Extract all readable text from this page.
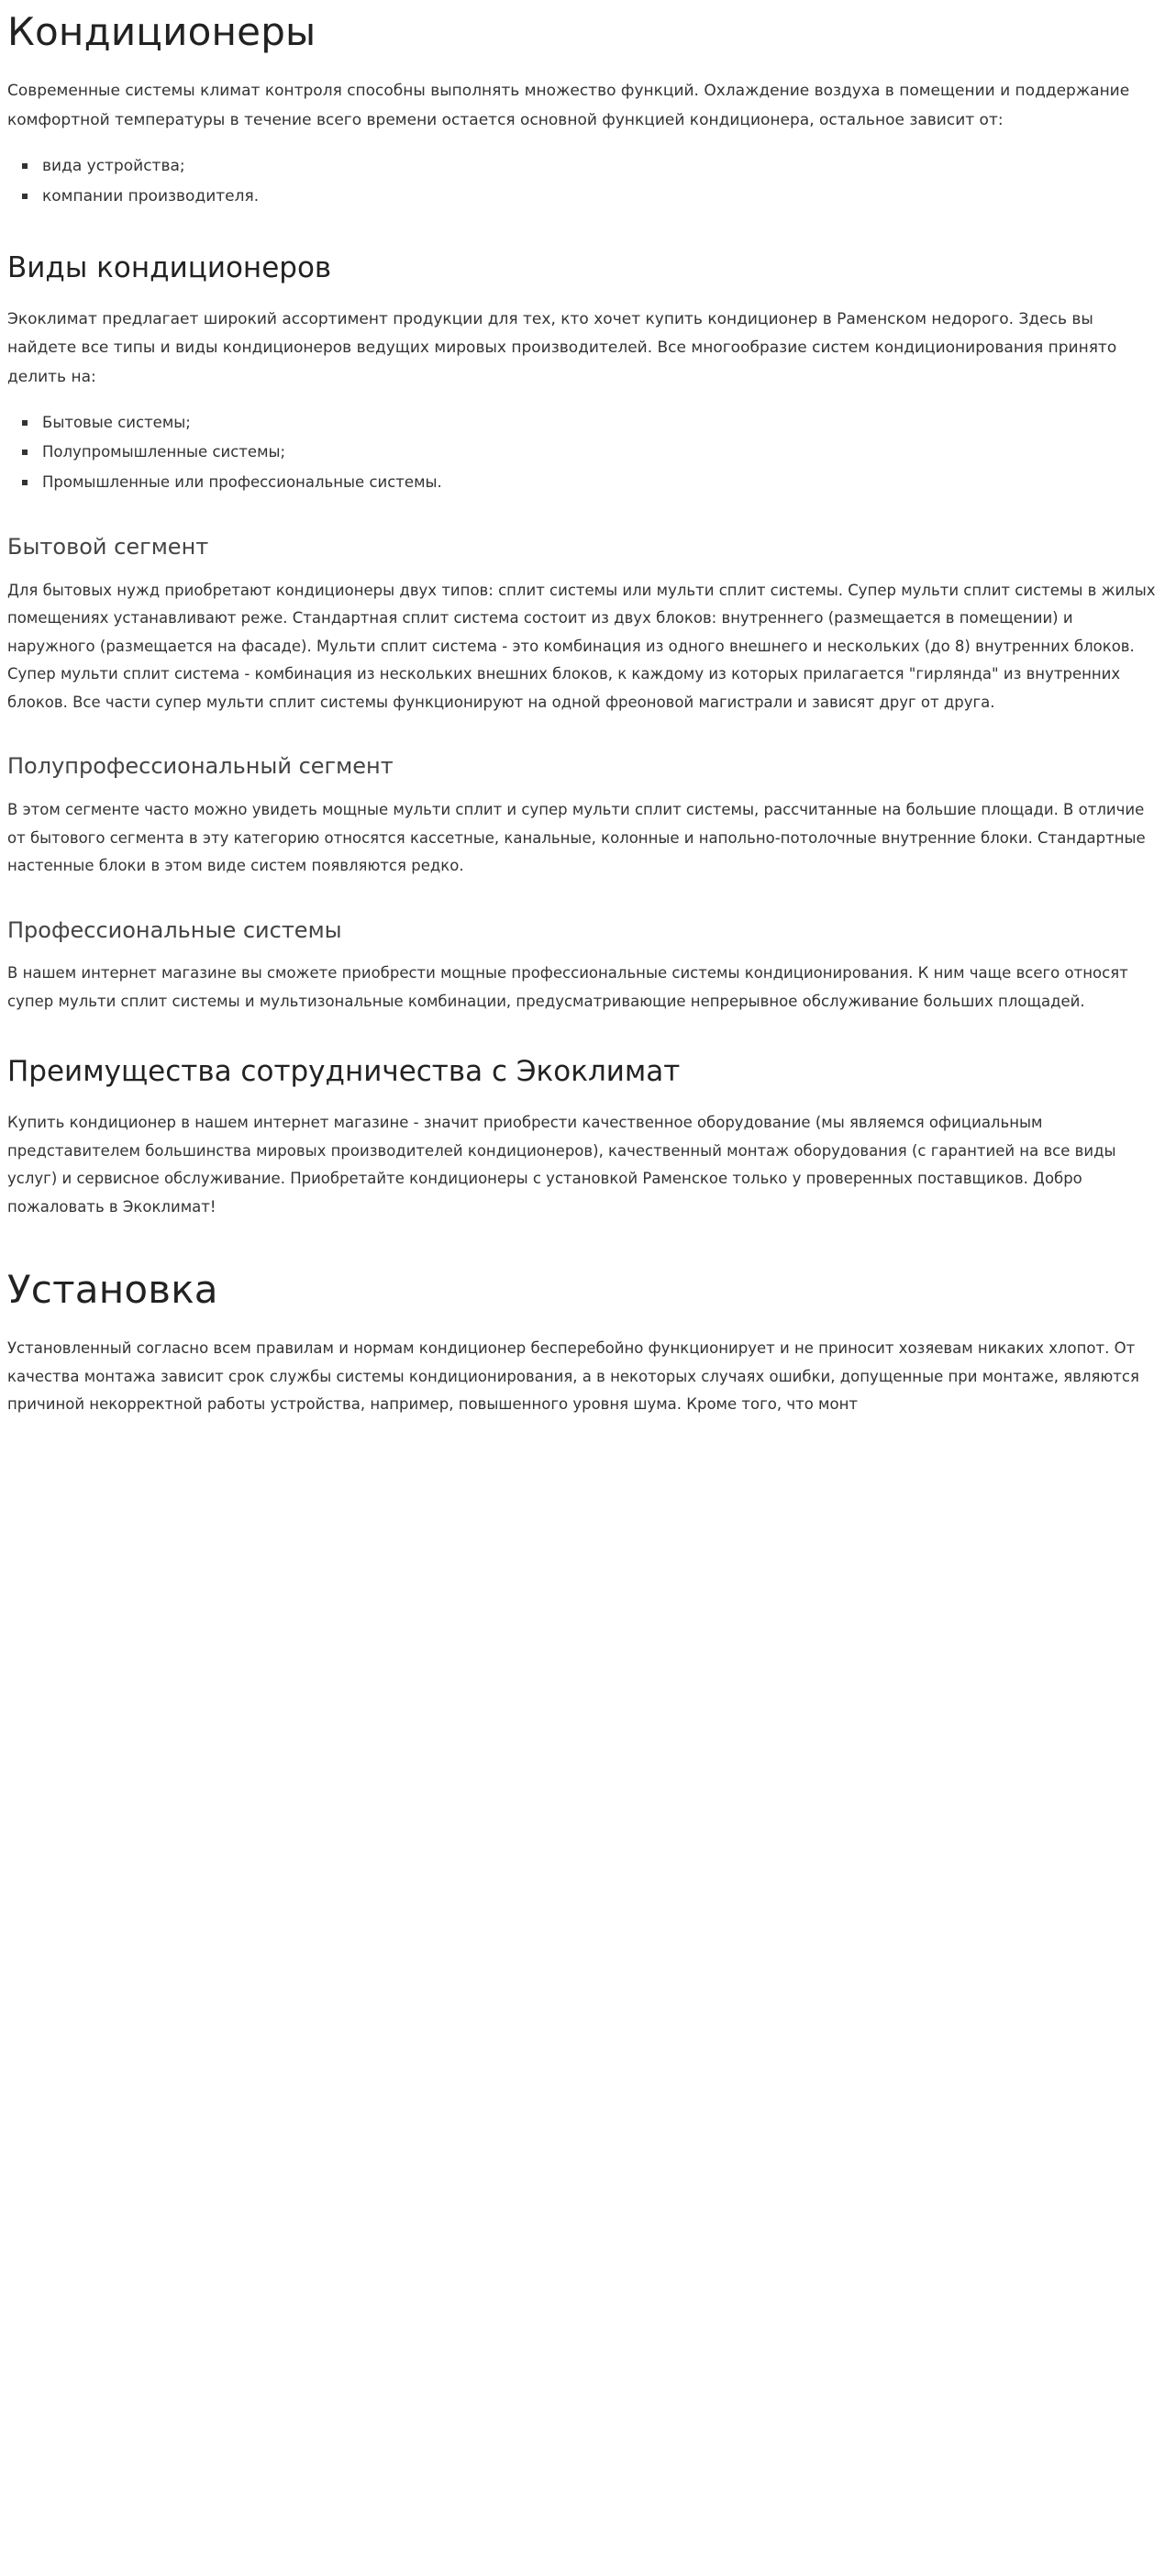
Кондиционеры

Современные системы климат контроля способны выполнять множество функций. Охлаждение воздуха в помещении и поддержание комфортной температуры в течение всего времени остается основной функцией кондиционера, остальное зависит от:

вида устройства;
компании производителя.
Виды кондиционеров

Экоклимат предлагает широкий ассортимент продукции для тех, кто хочет купить кондиционер в Раменском недорого. Здесь вы найдете все типы и виды кондиционеров ведущих мировых производителей. Все многообразие систем кондиционирования принято делить на:

Бытовые системы;
Полупромышленные системы;
Промышленные или профессиональные системы.
Бытовой сегмент

Для бытовых нужд приобретают кондиционеры двух типов: сплит системы или мульти сплит системы. Супер мульти сплит системы в жилых помещениях устанавливают реже. Стандартная сплит система состоит из двух блоков: внутреннего (размещается в помещении) и наружного (размещается на фасаде). Мульти сплит система - это комбинация из одного внешнего и нескольких (до 8) внутренних блоков. Супер мульти сплит система - комбинация из нескольких внешних блоков, к каждому из которых прилагается "гирлянда" из внутренних блоков. Все части супер мульти сплит системы функционируют на одной фреоновой магистрали и зависят друг от друга.

Полупрофессиональный сегмент

В этом сегменте часто можно увидеть мощные мульти сплит и супер мульти сплит системы, рассчитанные на большие площади. В отличие от бытового сегмента в эту категорию относятся кассетные, канальные, колонные и напольно-потолочные внутренние блоки. Стандартные настенные блоки в этом виде систем появляются редко.

Профессиональные системы

В нашем интернет магазине вы сможете приобрести мощные профессиональные системы кондиционирования. К ним чаще всего относят супер мульти сплит системы и мультизональные комбинации, предусматривающие непрерывное обслуживание больших площадей.

Преимущества сотрудничества с Экоклимат

Купить кондиционер в нашем интернет магазине - значит приобрести качественное оборудование (мы являемся официальным представителем большинства мировых производителей кондиционеров), качественный монтаж оборудования (с гарантией на все виды услуг) и сервисное обслуживание. Приобретайте кондиционеры с установкой Раменское только у проверенных поставщиков. Добро пожаловать в Экоклимат!

Установка

Установленный согласно всем правилам и нормам кондиционер бесперебойно функционирует и не приносит хозяевам никаких хлопот. От качества монтажа зависит срок службы системы кондиционирования, а в некоторых случаях ошибки, допущенные при монтаже, являются причиной некорректной работы устройства, например, повышенного уровня шума. Кроме того, что монт
